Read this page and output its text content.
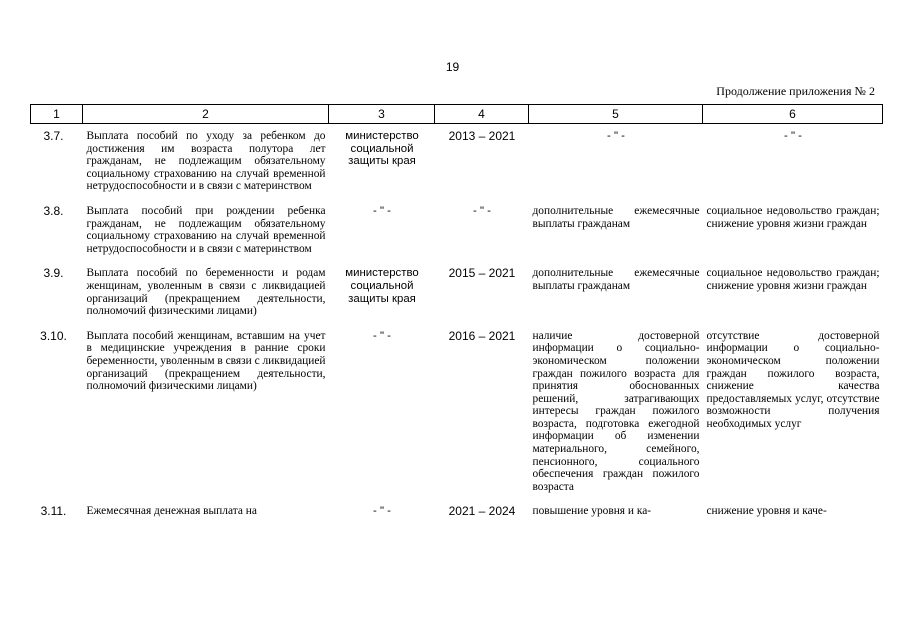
19
Продолжение приложения № 2
1	2	3	4	5	6
3.7.	Выплата пособий по уходу за ребенком до достижения им возраста полутора лет гражданам, не подлежащим обязательному социальному страхованию на случай временной нетрудоспособности и в связи с материнством	министерство социальной защиты края	2013 – 2021	- " -	- " -
3.8.	Выплата пособий при рождении ребенка гражданам, не подлежащим обязательному социальному страхованию на случай временной нетрудоспособности и в связи с материнством	- " -	- " -	дополнительные ежемесячные выплаты гражданам	социальное недовольство граждан; снижение уровня жизни граждан
3.9.	Выплата пособий по беременности и родам женщинам, уволенным в связи с ликвидацией организаций (прекращением деятельности, полномочий физическими лицами)	министерство социальной защиты края	2015 – 2021	дополнительные ежемесячные выплаты гражданам	социальное недовольство граждан; снижение уровня жизни граждан
3.10.	Выплата пособий женщинам, вставшим на учет в медицинские учреждения в ранние сроки беременности, уволенным в связи с ликвидацией организаций (прекращением деятельности, полномочий физическими лицами)	- " -	2016 – 2021	наличие достоверной информации о социально-экономическом положении граждан пожилого возраста для принятия обоснованных решений, затрагивающих интересы граждан пожилого возраста, подготовка ежегодной информации об изменении материального, семейного, пенсионного, социального обеспечения граждан пожилого возраста	отсутствие достоверной информации о социально-экономическом положении граждан пожилого возраста, снижение качества предоставляемых услуг, отсутствие возможности получения необходимых услуг
3.11.	Ежемесячная денежная выплата на	- " -	2021 – 2024	повышение уровня и ка-	снижение уровня и каче-
